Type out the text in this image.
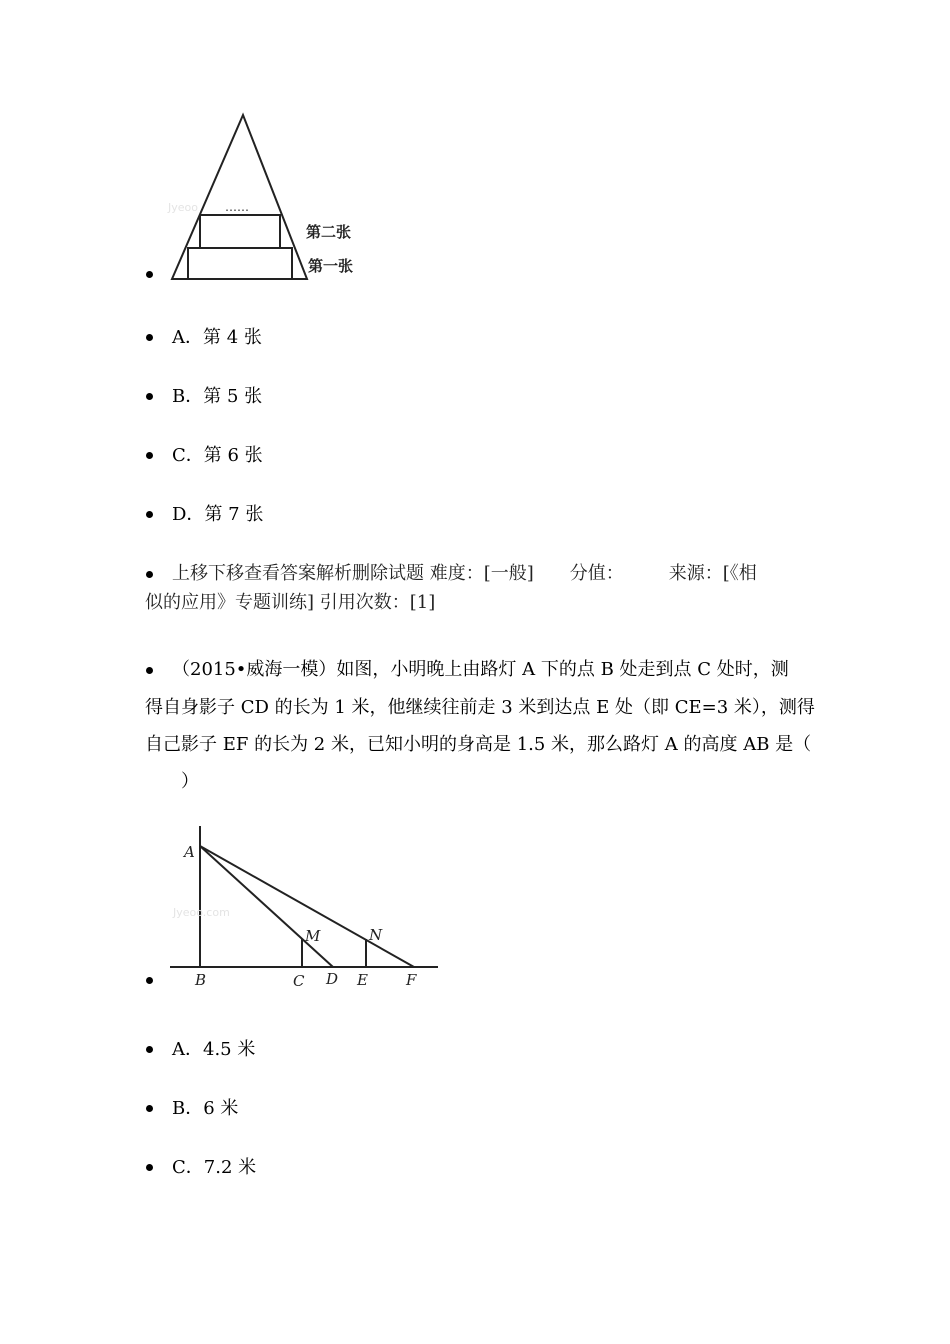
……
Jyeoo
第二张
第一张
A．第 4 张
B．第 5 张
C．第 6 张
D．第 7 张
上移下移查看答案解析删除试题 难度：[一般]　　分值：　　　来源：[《相
似的应用》专题训练] 引用次数：[1]
（2015•威海一模）如图，小明晚上由路灯 A 下的点 B 处走到点 C 处时，测
得自身影子 CD 的长为 1 米，他继续往前走 3 米到达点 E 处（即 CE=3 米），测得
自己影子 EF 的长为 2 米，已知小明的身高是 1.5 米，那么路灯 A 的高度 AB 是（
　　）
Jyeoo.com
A
B	C D E	F
M	N
A．4.5 米
B．6 米
C．7.2 米
